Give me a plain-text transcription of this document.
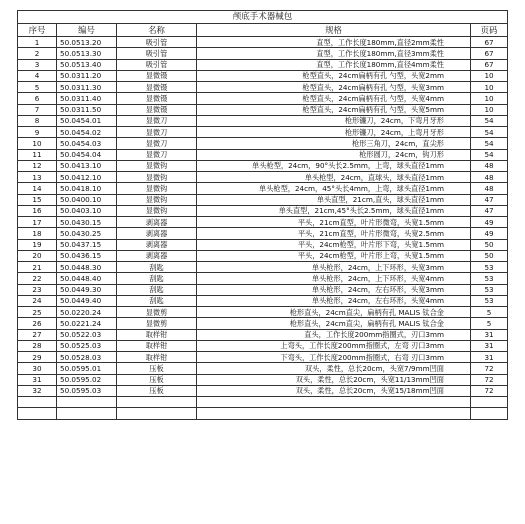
颅底手术器械包				
序号	编号	名称	规格	页码
1	50.0513.20	吸引管	直型，工作长度180mm,直径2mm柔性	67
2	50.0513.30	吸引管	直型，工作长度180mm,直径3mm柔性	67
3	50.0513.40	吸引管	直型，工作长度180mm,直径4mm柔性	67
4	50.0311.20	显微镊	枪型直头，24cm扁柄有孔 勺型，头宽2mm	10
5	50.0311.30	显微镊	枪型直头，24cm扁柄有孔 勺型，头宽3mm	10
6	50.0311.40	显微镊	枪型直头，24cm扁柄有孔 勺型，头宽4mm	10
7	50.0311.50	显微镊	枪型直头，24cm扁柄有孔 勺型，头宽5mm	10
8	50.0454.01	显微刀	枪形镰刀，24cm，下弯月牙形	54
9	50.0454.02	显微刀	枪形镰刀，24cm，上弯月牙形	54
10	50.0454.03	显微刀	枪形三角刀，24cm，直尖形	54
11	50.0454.04	显微刀	枪形圆刀，24cm，钩刀形	54
12	50.0413.10	显微钩	单头枪型，24cm，90°头长2.5mm，上弯，球头直径1mm	48
13	50.0412.10	显微钩	单头枪型，24cm，直球头，球头直径1mm	48
14	50.0418.10	显微钩	单头枪型，24cm，45°头长4mm，上弯，球头直径1mm	48
15	50.0400.10	显微钩	单头直型，21cm,直头，球头直径1mm	47
16	50.0403.10	显微钩	单头直型，21cm,45°头长2.5mm，球头直径1mm	47
17	50.0430.15	剥离器	平头，21cm直型，叶片形微弯，头宽1.5mm	49
18	50.0430.25	剥离器	平头，21cm直型，叶片形微弯，头宽2.5mm	49
19	50.0437.15	剥离器	平头，24cm枪型，叶片形下弯，头宽1.5mm	50
20	50.0436.15	剥离器	平头，24cm枪型，叶片形上弯，头宽1.5mm	50
21	50.0448.30	刮匙	单头枪形，24cm，上下环形，头宽3mm	53
22	50.0448.40	刮匙	单头枪形，24cm，上下环形，头宽4mm	53
23	50.0449.30	刮匙	单头枪形，24cm，左右环形，头宽3mm	53
24	50.0449.40	刮匙	单头枪形，24cm，左右环形，头宽4mm	53
25	50.0220.24	显微剪	枪形直头，24cm直尖，扁柄有孔 MALIS 钛合金	5
26	50.0221.24	显微剪	枪形直头，24cm直尖，扁柄有孔 MALIS 钛合金	5
27	50.0522.03	取样钳	直头，工作长度200mm指圈式，刃口3mm	31
28	50.0525.03	取样钳	上弯头，工作长度200mm指圈式，左弯 刃口3mm	31
29	50.0528.03	取样钳	下弯头，工作长度200mm指圈式，右弯 刃口3mm	31
30	50.0595.01	压板	双头，柔性，总长20cm，头宽7/9mm凹面	72
31	50.0595.02	压板	双头，柔性，总长20cm，头宽11/13mm凹面	72
32	50.0595.03	压板	双头，柔性，总长20cm，头宽15/18mm凹面	72
